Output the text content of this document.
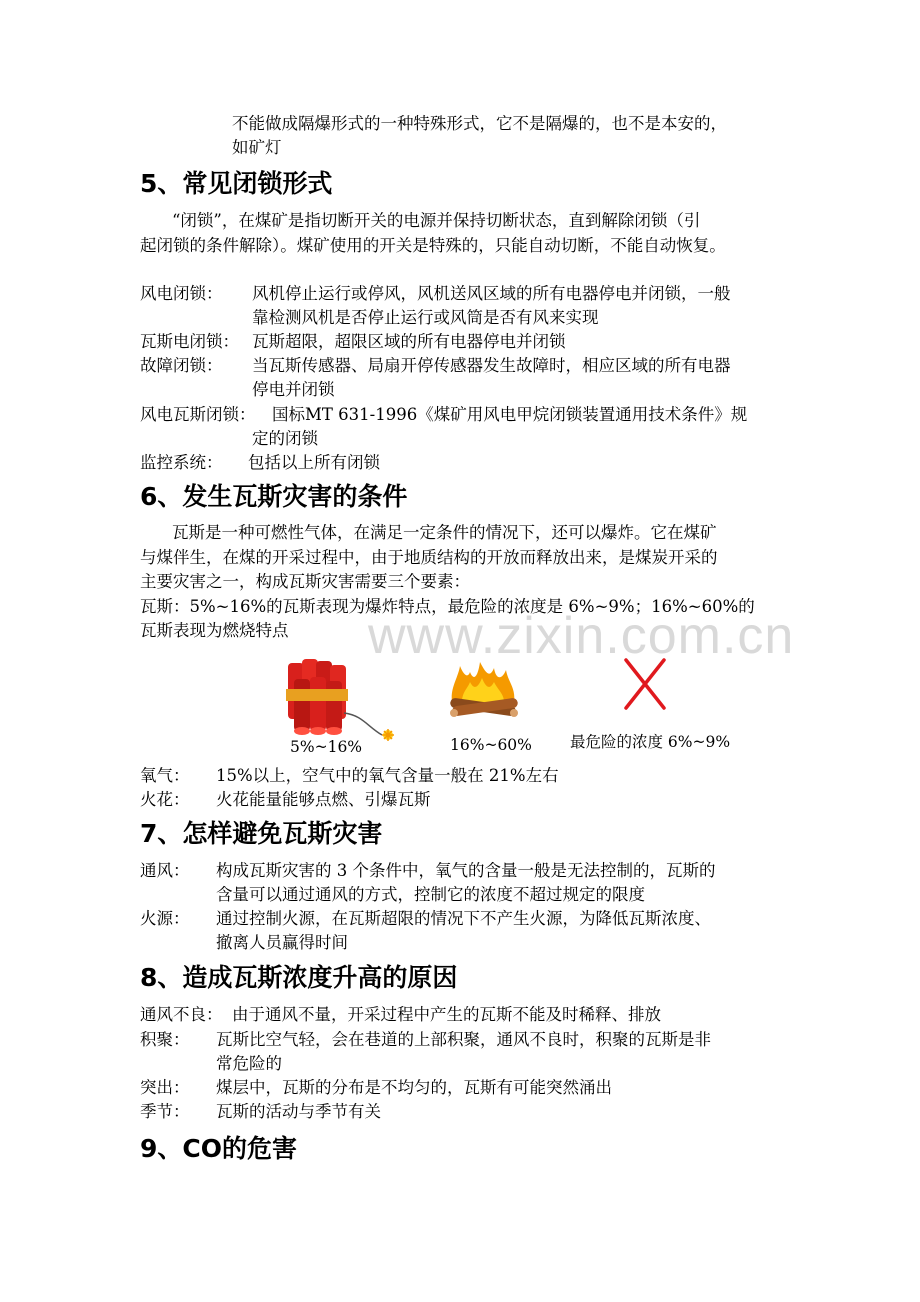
www.zixin.com.cn
不能做成隔爆形式的一种特殊形式，它不是隔爆的，也不是本安的，
如矿灯
5、常见闭锁形式
“闭锁”，在煤矿是指切断开关的电源并保持切断状态，直到解除闭锁（引
起闭锁的条件解除）。煤矿使用的开关是特殊的，只能自动切断，不能自动恢复。
风电闭锁： 风机停止运行或停风，风机送风区域的所有电器停电并闭锁，一般
靠检测风机是否停止运行或风筒是否有风来实现
瓦斯电闭锁： 瓦斯超限，超限区域的所有电器停电并闭锁
故障闭锁： 当瓦斯传感器、局扇开停传感器发生故障时，相应区域的所有电器
停电并闭锁
风电瓦斯闭锁： 国标MT 631-1996《煤矿用风电甲烷闭锁装置通用技术条件》规
定的闭锁
监控系统： 包括以上所有闭锁
6、发生瓦斯灾害的条件
瓦斯是一种可燃性气体，在满足一定条件的情况下，还可以爆炸。它在煤矿
与煤伴生，在煤的开采过程中，由于地质结构的开放而释放出来，是煤炭开采的
主要灾害之一，构成瓦斯灾害需要三个要素：
瓦斯：5%~16%的瓦斯表现为爆炸特点，最危险的浓度是 6%~9%；16%~60%的
瓦斯表现为燃烧特点
5%~16%	16%~60% 最危险的浓度 6%~9%
氧气： 15%以上，空气中的氧气含量一般在 21%左右
火花： 火花能量能够点燃、引爆瓦斯
7、怎样避免瓦斯灾害
通风： 构成瓦斯灾害的 3 个条件中，氧气的含量一般是无法控制的，瓦斯的
含量可以通过通风的方式，控制它的浓度不超过规定的限度
火源： 通过控制火源，在瓦斯超限的情况下不产生火源，为降低瓦斯浓度、
撤离人员赢得时间
8、造成瓦斯浓度升高的原因
通风不良： 由于通风不量，开采过程中产生的瓦斯不能及时稀释、排放
积聚： 瓦斯比空气轻，会在巷道的上部积聚，通风不良时，积聚的瓦斯是非
常危险的
突出： 煤层中，瓦斯的分布是不均匀的，瓦斯有可能突然涌出
季节： 瓦斯的活动与季节有关
9、CO的危害
